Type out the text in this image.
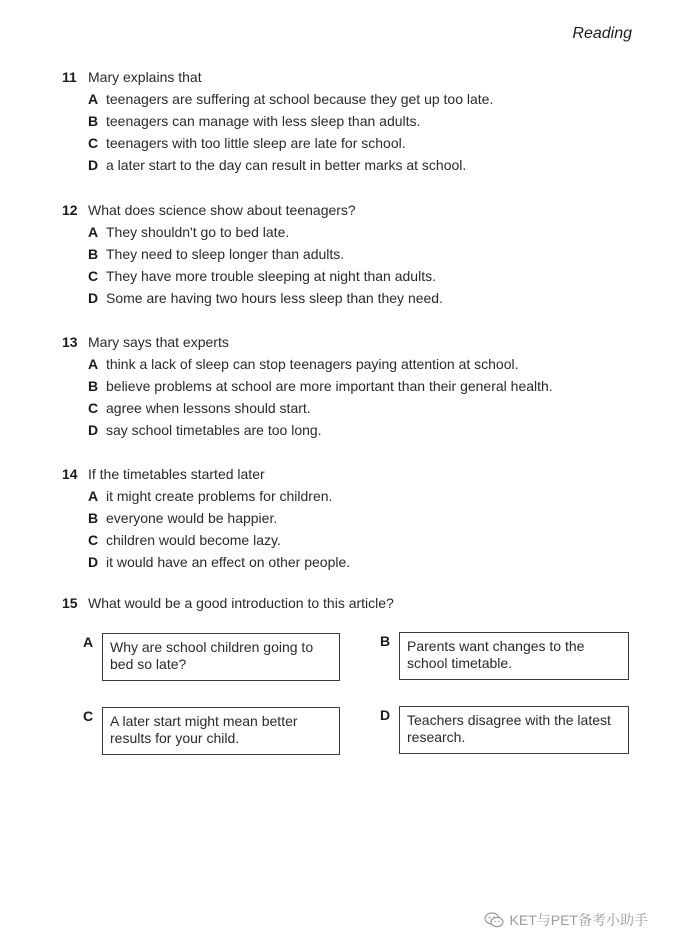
Reading
11 Mary explains that
A teenagers are suffering at school because they get up too late.
B teenagers can manage with less sleep than adults.
C teenagers with too little sleep are late for school.
D a later start to the day can result in better marks at school.
12 What does science show about teenagers?
A They shouldn't go to bed late.
B They need to sleep longer than adults.
C They have more trouble sleeping at night than adults.
D Some are having two hours less sleep than they need.
13 Mary says that experts
A think a lack of sleep can stop teenagers paying attention at school.
B believe problems at school are more important than their general health.
C agree when lessons should start.
D say school timetables are too long.
14 If the timetables started later
A it might create problems for children.
B everyone would be happier.
C children would become lazy.
D it would have an effect on other people.
15 What would be a good introduction to this article?
A	Why are school children going to bed so late?
B	Parents want changes to the school timetable.
C	A later start might mean better results for your child.
D	Teachers disagree with the latest research.
KET与PET备考小助手
